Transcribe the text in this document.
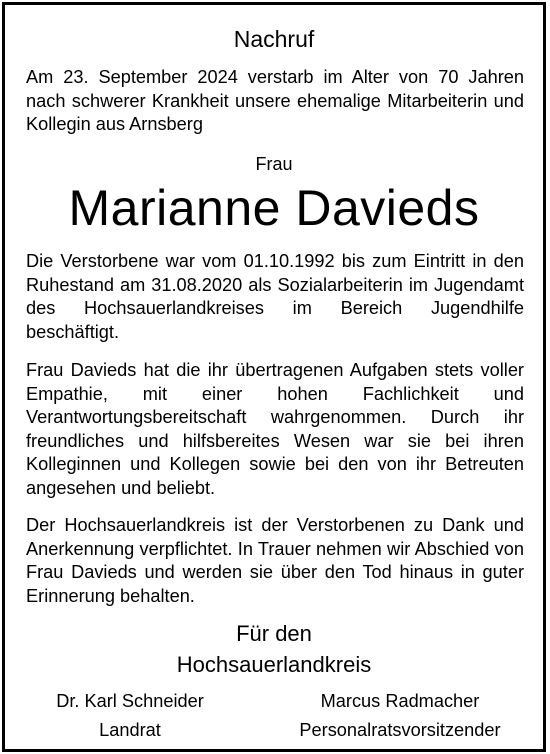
Nachruf

Am 23. September 2024 verstarb im Alter von 70 Jahren nach schwerer Krankheit unsere ehemalige Mitarbeiterin und Kollegin aus Arnsberg

Frau
Marianne Davieds

Die Verstorbene war vom 01.10.1992 bis zum Eintritt in den Ruhestand am 31.08.2020 als Sozialarbeiterin im Jugendamt des Hochsauerlandkreises im Bereich Jugendhilfe beschäftigt.

Frau Davieds hat die ihr übertragenen Aufgaben stets voller Empathie, mit einer hohen Fachlichkeit und Verantwortungsbereitschaft wahrgenommen. Durch ihr freundliches und hilfsbereites Wesen war sie bei ihren Kolleginnen und Kollegen sowie bei den von ihr Betreuten angesehen und beliebt.

Der Hochsauerlandkreis ist der Verstorbenen zu Dank und Anerkennung verpflichtet. In Trauer nehmen wir Abschied von Frau Davieds und werden sie über den Tod hinaus in guter Erinnerung behalten.

Für den
Hochsauerlandkreis
Dr. Karl Schneider
Landrat
Marcus Radmacher
Personalratsvorsitzender
